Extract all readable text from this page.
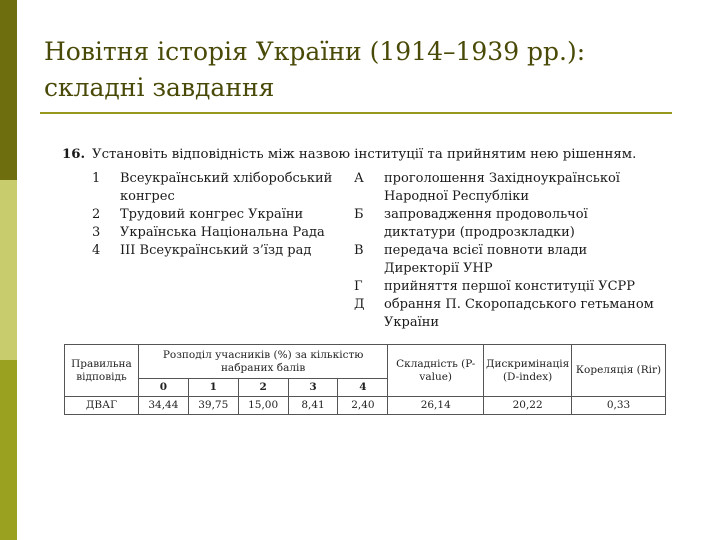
Новітня історія України (1914–1939 рр.):
складні завдання
16. Установіть відповідність між назвою інституції та прийнятим нею рішенням.
1	Всеукраїнський хліборобський
конгрес
2	Трудовий конгрес України
3	Українська Національна Рада
4	ІІІ Всеукраїнський з’їзд рад
А	проголошення Західноукраїнської
Народної Республіки
Б	запровадження продовольчої
диктатури (продрозкладки)
В	передача всієї повноти влади
Директорії УНР
Г	прийняття першої конституції УСРР
Д	обрання П. Скоропадського гетьманом
України
Правильна відповідь	Розподіл учасників (%) за кількістю набраних балів					Складність (P-value)	Дискримінація (D-index)	Кореляція (Rir)
	0	1	2	3	4			
ДВАГ	34,44	39,75	15,00	8,41	2,40	26,14	20,22	0,33
